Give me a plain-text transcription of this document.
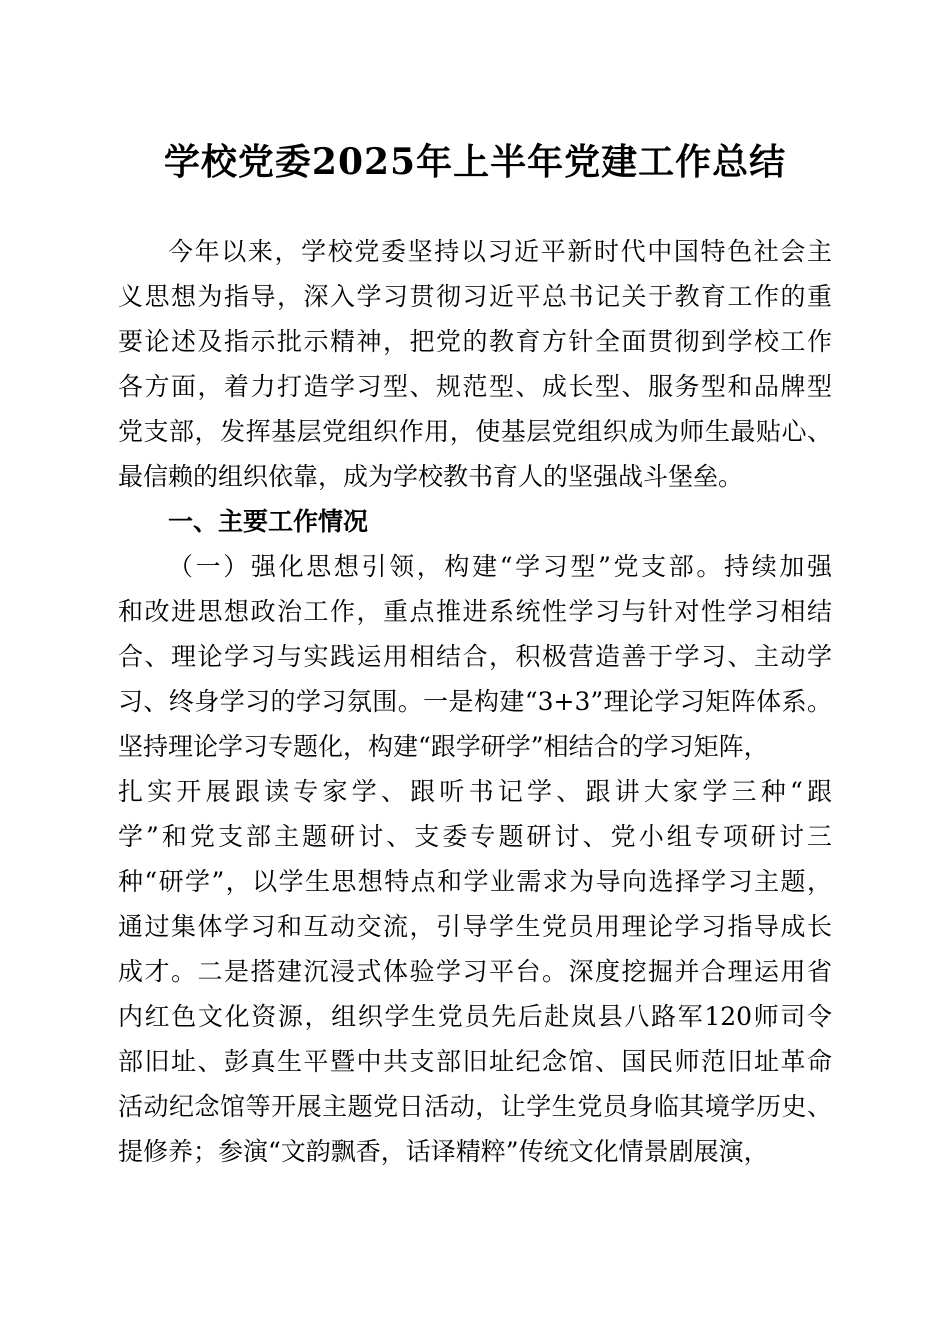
学校党委2025年上半年党建工作总结
今年以来，学校党委坚持以习近平新时代中国特色社会主
义思想为指导，深入学习贯彻习近平总书记关于教育工作的重
要论述及指示批示精神，把党的教育方针全面贯彻到学校工作
各方面，着力打造学习型、规范型、成长型、服务型和品牌型
党支部，发挥基层党组织作用，使基层党组织成为师生最贴心、
最信赖的组织依靠，成为学校教书育人的坚强战斗堡垒。
一、主要工作情况
（一）强化思想引领，构建“学习型”党支部。持续加强
和改进思想政治工作，重点推进系统性学习与针对性学习相结
合、理论学习与实践运用相结合，积极营造善于学习、主动学
习、终身学习的学习氛围。一是构建“3+3”理论学习矩阵体系。
坚持理论学习专题化，构建“跟学研学”相结合的学习矩阵，
扎实开展跟读专家学、跟听书记学、跟讲大家学三种“跟
学”和党支部主题研讨、支委专题研讨、党小组专项研讨三
种“研学”，以学生思想特点和学业需求为导向选择学习主题，
通过集体学习和互动交流，引导学生党员用理论学习指导成长
成才。二是搭建沉浸式体验学习平台。深度挖掘并合理运用省
内红色文化资源，组织学生党员先后赴岚县八路军120师司令
部旧址、彭真生平暨中共支部旧址纪念馆、国民师范旧址革命
活动纪念馆等开展主题党日活动，让学生党员身临其境学历史、
提修养；参演“文韵飘香，话译精粹”传统文化情景剧展演，
